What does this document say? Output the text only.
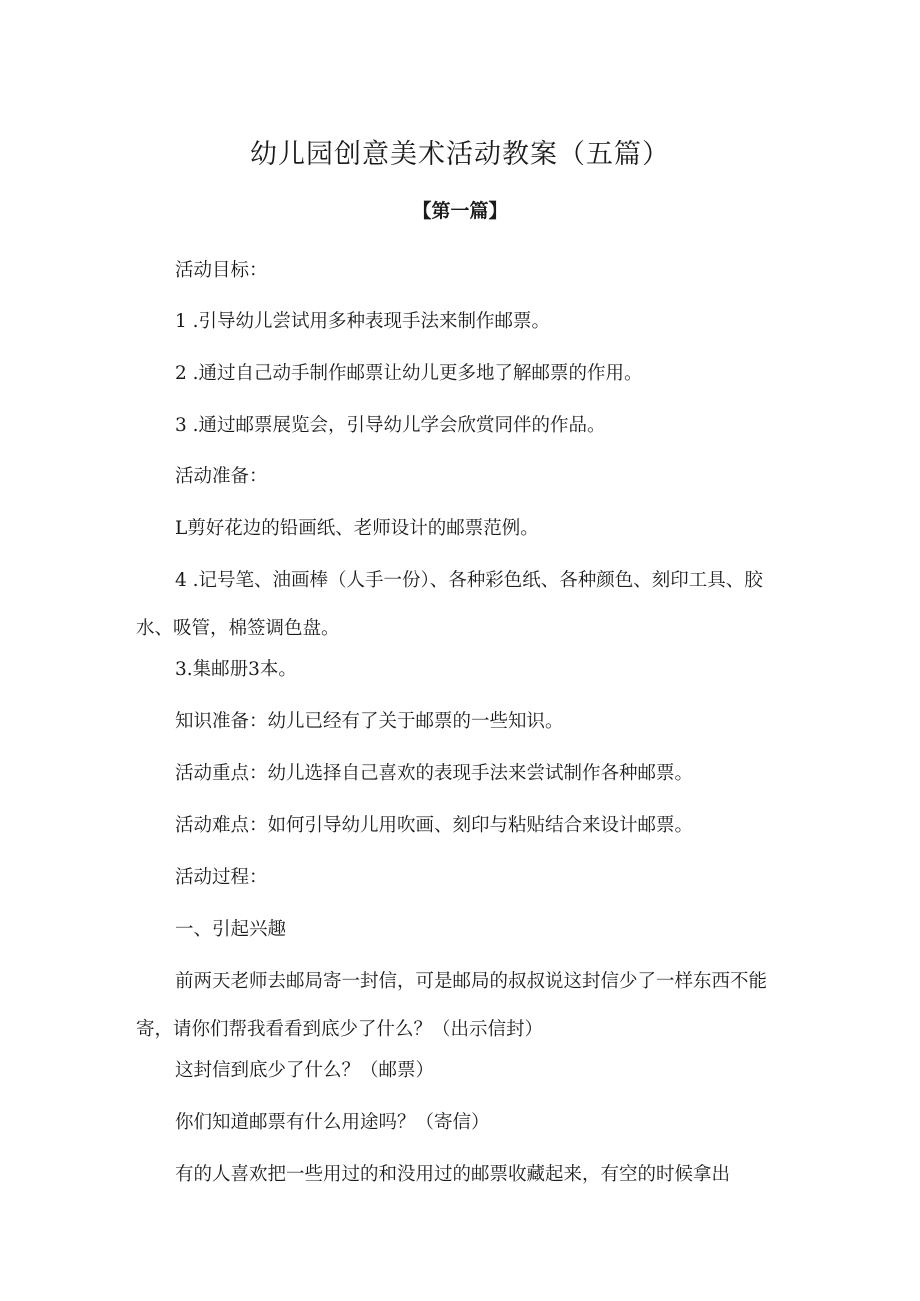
幼儿园创意美术活动教案（五篇）
【第一篇】

活动目标：

1 .引导幼儿尝试用多种表现手法来制作邮票。

2 .通过自己动手制作邮票让幼儿更多地了解邮票的作用。

3 .通过邮票展览会，引导幼儿学会欣赏同伴的作品。

活动准备：

L剪好花边的铅画纸、老师设计的邮票范例。

4 .记号笔、油画棒（人手一份）、各种彩色纸、各种颜色、刻印工具、胶水、吸管，棉签调色盘。

3.集邮册3本。

知识准备：幼儿已经有了关于邮票的一些知识。

活动重点：幼儿选择自己喜欢的表现手法来尝试制作各种邮票。

活动难点：如何引导幼儿用吹画、刻印与粘贴结合来设计邮票。

活动过程：

一、引起兴趣

前两天老师去邮局寄一封信，可是邮局的叔叔说这封信少了一样东西不能寄，请你们帮我看看到底少了什么？（出示信封）

这封信到底少了什么？（邮票）

你们知道邮票有什么用途吗？（寄信）

有的人喜欢把一些用过的和没用过的邮票收藏起来，有空的时候拿出
